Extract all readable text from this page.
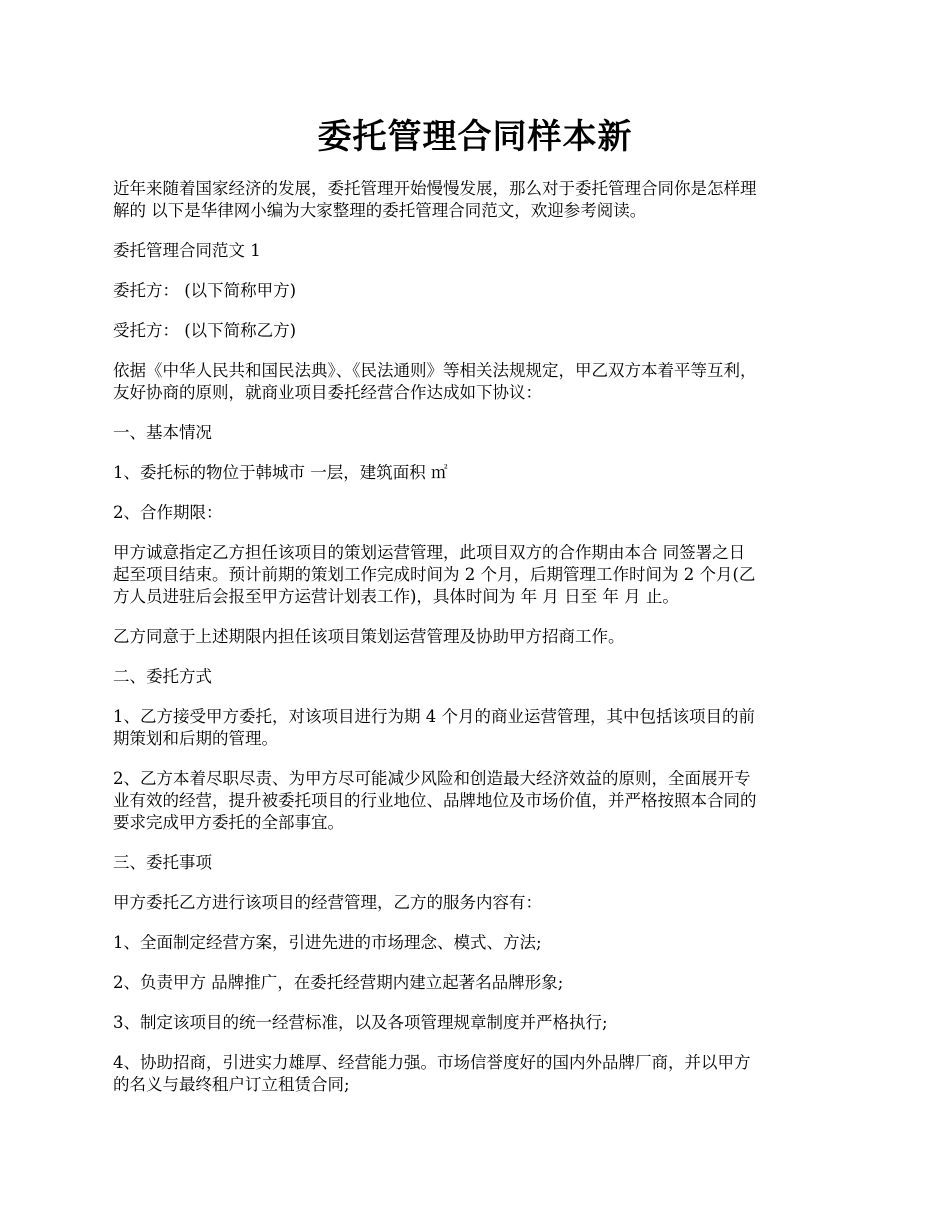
委托管理合同样本新

近年来随着国家经济的发展，委托管理开始慢慢发展，那么对于委托管理合同你是怎样理
解的 以下是华律网小编为大家整理的委托管理合同范文，欢迎参考阅读。

委托管理合同范文 1

委托方： (以下简称甲方)

受托方： (以下简称乙方)

依据《中华人民共和国民法典》、《民法通则》等相关法规规定，甲乙双方本着平等互利，
友好协商的原则，就商业项目委托经营合作达成如下协议：

一、基本情况

1、委托标的物位于韩城市 一层，建筑面积 ㎡

2、合作期限：

甲方诚意指定乙方担任该项目的策划运营管理，此项目双方的合作期由本合 同签署之日
起至项目结束。预计前期的策划工作完成时间为 2 个月，后期管理工作时间为 2 个月(乙
方人员进驻后会报至甲方运营计划表工作)，具体时间为 年 月 日至 年 月 止。

乙方同意于上述期限内担任该项目策划运营管理及协助甲方招商工作。

二、委托方式

1、乙方接受甲方委托，对该项目进行为期 4 个月的商业运营管理，其中包括该项目的前
期策划和后期的管理。

2、乙方本着尽职尽责、为甲方尽可能减少风险和创造最大经济效益的原则，全面展开专
业有效的经营，提升被委托项目的行业地位、品牌地位及市场价值，并严格按照本合同的
要求完成甲方委托的全部事宜。

三、委托事项

甲方委托乙方进行该项目的经营管理，乙方的服务内容有：

1、全面制定经营方案，引进先进的市场理念、模式、方法;

2、负责甲方 品牌推广，在委托经营期内建立起著名品牌形象;

3、制定该项目的统一经营标准，以及各项管理规章制度并严格执行;

4、协助招商，引进实力雄厚、经营能力强。市场信誉度好的国内外品牌厂商，并以甲方
的名义与最终租户订立租赁合同;
